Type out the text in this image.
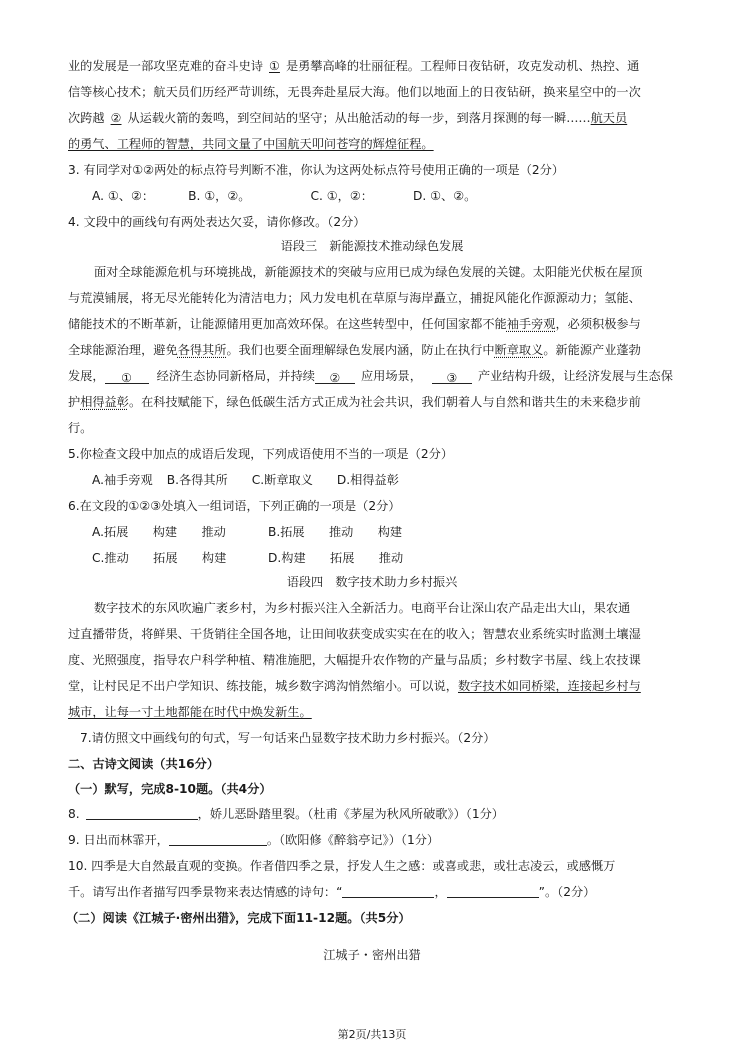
业的发展是一部攻坚克难的奋斗史诗 ① 是勇攀高峰的壮丽征程。工程师日夜钻研，攻克发动机、热控、通
信等核心技术；航天员们历经严苛训练，无畏奔赴星辰大海。他们以地面上的日夜钻研，换来星空中的一次
次跨越 ② 从运载火箭的轰鸣，到空间站的坚守；从出舱活动的每一步，到落月探测的每一瞬……航天员
的勇气、工程师的智慧，共同文量了中国航天叩问苍穹的辉煌征程。
3. 有同学对①②两处的标点符号判断不准，你认为这两处标点符号使用正确的一项是（2分）
A. ①、②：	B. ①，②。	C. ①，②：	D. ①、②。
4. 文段中的画线句有两处表达欠妥，请你修改。（2分）
语段三　新能源技术推动绿色发展
面对全球能源危机与环境挑战，新能源技术的突破与应用已成为绿色发展的关键。太阳能光伏板在屋顶
与荒漠铺展，将无尽光能转化为清洁电力；风力发电机在草原与海岸矗立，捕捉风能化作源源动力；氢能、
储能技术的不断革新，让能源储用更加高效环保。在这些转型中，任何国家都不能袖手旁观，必须积极参与
全球能源治理，避免各得其所。我们也要全面理解绿色发展内涵，防止在执行中断章取义。新能源产业蓬勃
发展， ① 经济生态协同新格局，并持续 ② 应用场景， ③ 产业结构升级，让经济发展与生态保
护相得益彰。在科技赋能下，绿色低碳生活方式正成为社会共识，我们朝着人与自然和谐共生的未来稳步前
行。
5.你检查文段中加点的成语后发现，下列成语使用不当的一项是（2分）
A.袖手旁观 B.各得其所 C.断章取义 D.相得益彰
6.在文段的①②③处填入一组词语，下列正确的一项是（2分）
A.拓展　　构建　　推动	B.拓展　　推动　　构建
C.推动　　拓展　　构建	D.构建　　拓展　　推动
语段四　数字技术助力乡村振兴
数字技术的东风吹遍广袤乡村，为乡村振兴注入全新活力。电商平台让深山农产品走出大山，果农通
过直播带货，将鲜果、干货销往全国各地，让田间收获变成实实在在的收入；智慧农业系统实时监测土壤湿
度、光照强度，指导农户科学种植、精准施肥，大幅提升农作物的产量与品质；乡村数字书屋、线上农技课
堂，让村民足不出户学知识、练技能，城乡数字鸿沟悄然缩小。可以说，数字技术如同桥梁，连接起乡村与
城市，让每一寸土地都能在时代中焕发新生。
7.请仿照文中画线句的句式，写一句话来凸显数字技术助力乡村振兴。（2分）
二、古诗文阅读（共16分）
（一）默写，完成8-10题。（共4分）
8.	，娇儿恶卧踏里裂。（杜甫《茅屋为秋风所破歌》）（1分）
9. 日出而林霏开，	。（欧阳修《醉翁亭记》）（1分）
10. 四季是大自然最直观的变换。作者借四季之景，抒发人生之感：或喜或悲，或壮志凌云，或感慨万
千。请写出作者描写四季景物来表达情感的诗句：“	，	”。（2分）
（二）阅读《江城子·密州出猎》，完成下面11-12题。（共5分）
江城子・密州出猎
第2页/共13页
